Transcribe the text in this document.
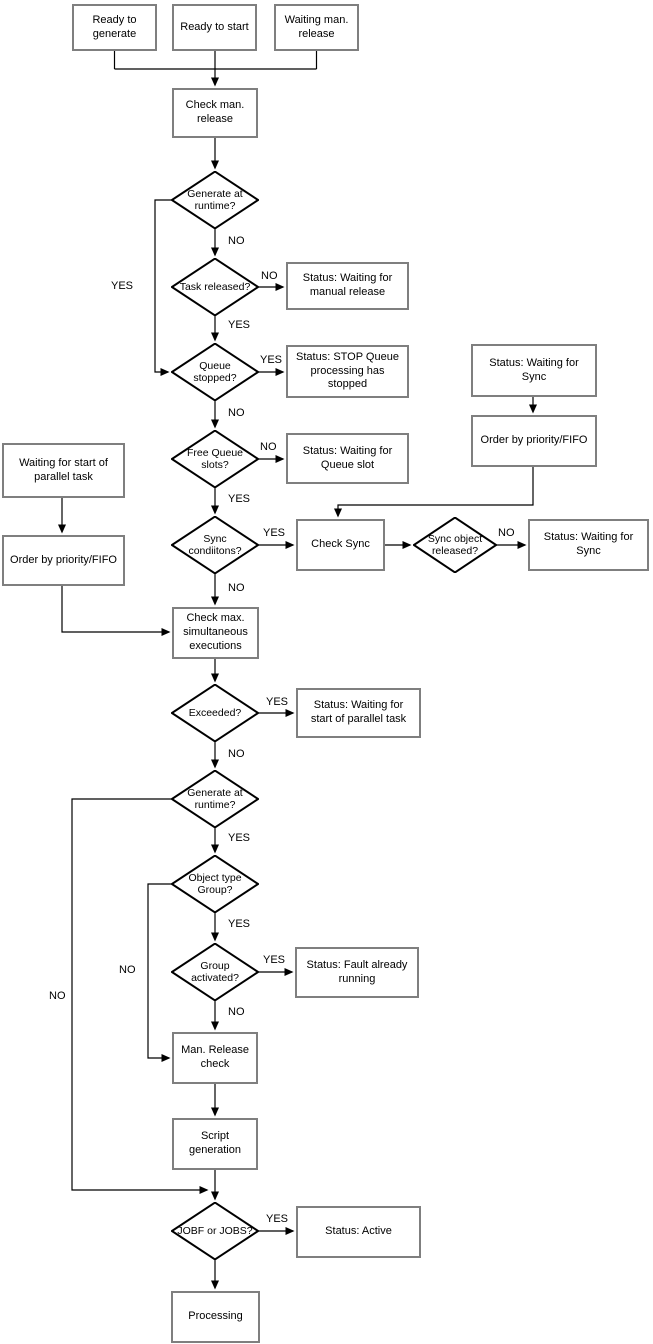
Ready to generate
Ready to start
Waiting man. release
Check man. release
Status: Waiting for manual release
Status: STOP Queue processing has stopped
Status: Waiting for Queue slot
Status: Waiting for Sync
Order by priority/FIFO
Waiting for start of parallel task
Order by priority/FIFO
Check Sync
Status: Waiting for Sync
Check max. simultaneous executions
Status: Waiting for start of parallel task
Status: Fault already running
Man. Release check
Script generation
Status: Active
Processing
Generate at runtime?
Task released?
Queue stopped?
Free Queue slots?
Sync condiitons?
Sync object released?
Exceeded?
Generate at runtime?
Object type Group?
Group activated?
JOBF or JOBS?
YES
NO
NO
YES
YES
NO
NO
YES
YES	NO
NO
YES
NO
NO
YES
NO
YES
YES
NO
YES
